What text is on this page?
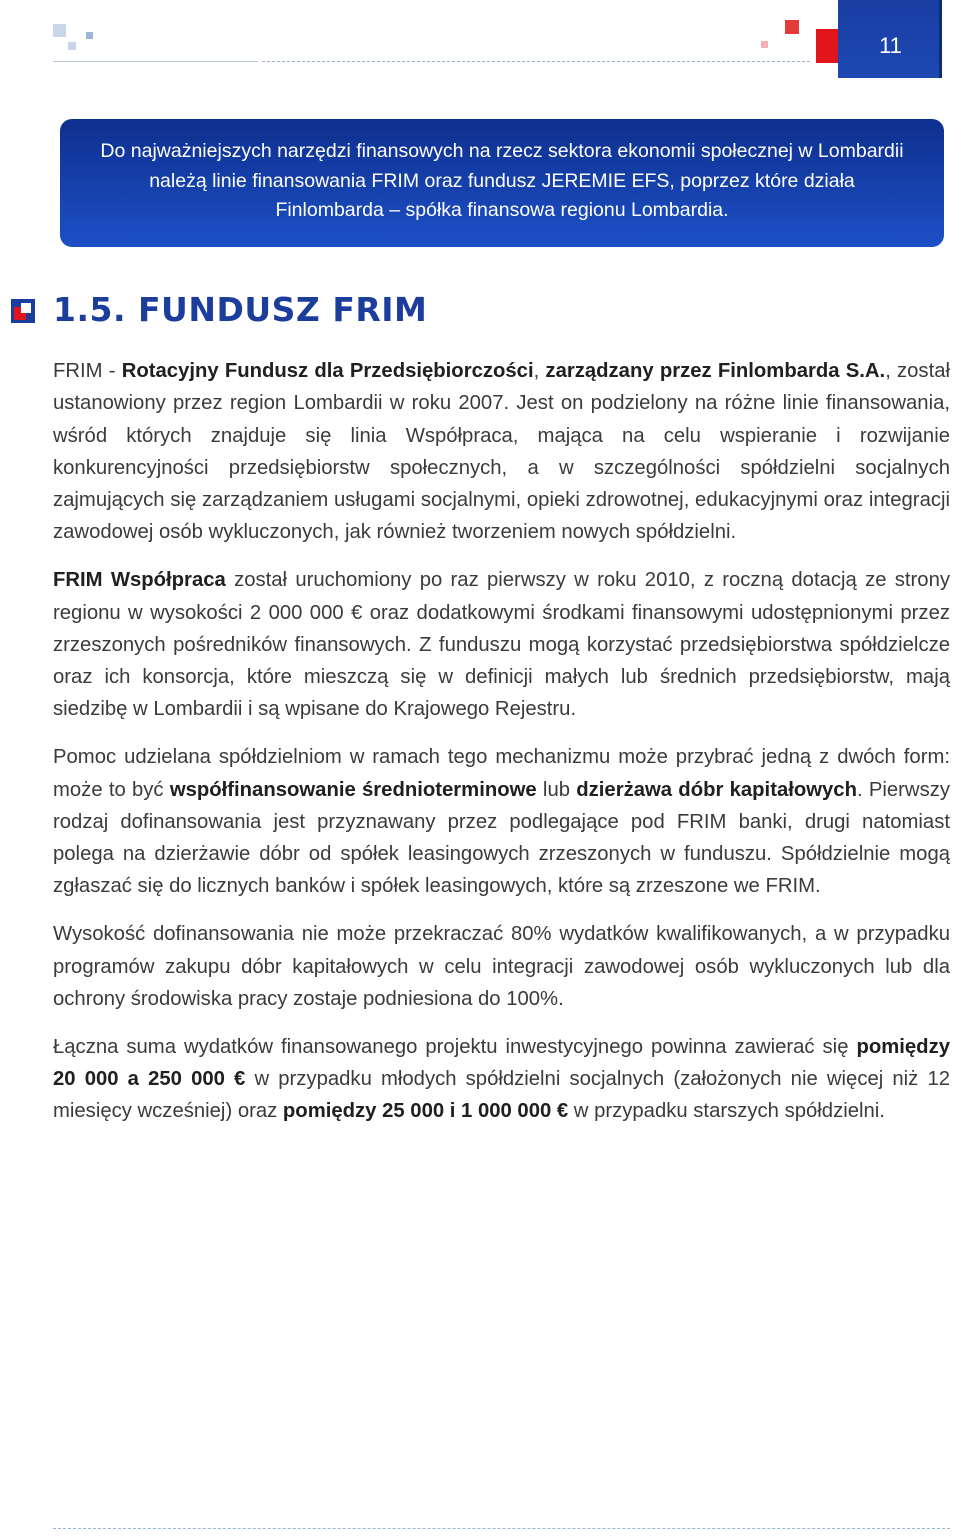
11

Do najważniejszych narzędzi finansowych na rzecz sektora ekonomii społecznej w Lombardii należą linie finansowania FRIM oraz fundusz JEREMIE EFS, poprzez które działa Finlombarda – spółka finansowa regionu Lombardia.

1.5. FUNDUSZ FRIM

FRIM - Rotacyjny Fundusz dla Przedsiębiorczości, zarządzany przez Finlombarda S.A., został ustanowiony przez region Lombardii w roku 2007. Jest on podzielony na różne linie finansowania, wśród których znajduje się linia Współpraca, mająca na celu wspieranie i rozwijanie konkurencyjności przedsiębiorstw społecznych, a w szczególności spółdzielni socjalnych zajmujących się zarządzaniem usługami socjalnymi, opieki zdrowotnej, edukacyjnymi oraz integracji zawodowej osób wykluczonych, jak również tworzeniem nowych spółdzielni.

FRIM Współpraca został uruchomiony po raz pierwszy w roku 2010, z roczną dotacją ze strony regionu w wysokości 2 000 000 € oraz dodatkowymi środkami finansowymi udostępnionymi przez zrzeszonych pośredników finansowych. Z funduszu mogą korzystać przedsiębiorstwa spółdzielcze oraz ich konsorcja, które mieszczą się w definicji małych lub średnich przedsiębiorstw, mają siedzibę w Lombardii i są wpisane do Krajowego Rejestru.

Pomoc udzielana spółdzielniom w ramach tego mechanizmu może przybrać jedną z dwóch form: może to być współfinansowanie średnioterminowe lub dzierżawa dóbr kapitałowych. Pierwszy rodzaj dofinansowania jest przyznawany przez podlegające pod FRIM banki, drugi natomiast polega na dzierżawie dóbr od spółek leasingowych zrzeszonych w funduszu. Spółdzielnie mogą zgłaszać się do licznych banków i spółek leasingowych, które są zrzeszone we FRIM.

Wysokość dofinansowania nie może przekraczać 80% wydatków kwalifikowanych, a w przypadku programów zakupu dóbr kapitałowych w celu integracji zawodowej osób wykluczonych lub dla ochrony środowiska pracy zostaje podniesiona do 100%.

Łączna suma wydatków finansowanego projektu inwestycyjnego powinna zawierać się pomiędzy 20 000 a 250 000 € w przypadku młodych spółdzielni socjalnych (założonych nie więcej niż 12 miesięcy wcześniej) oraz pomiędzy 25 000 i 1 000 000 € w przypadku starszych spółdzielni.
